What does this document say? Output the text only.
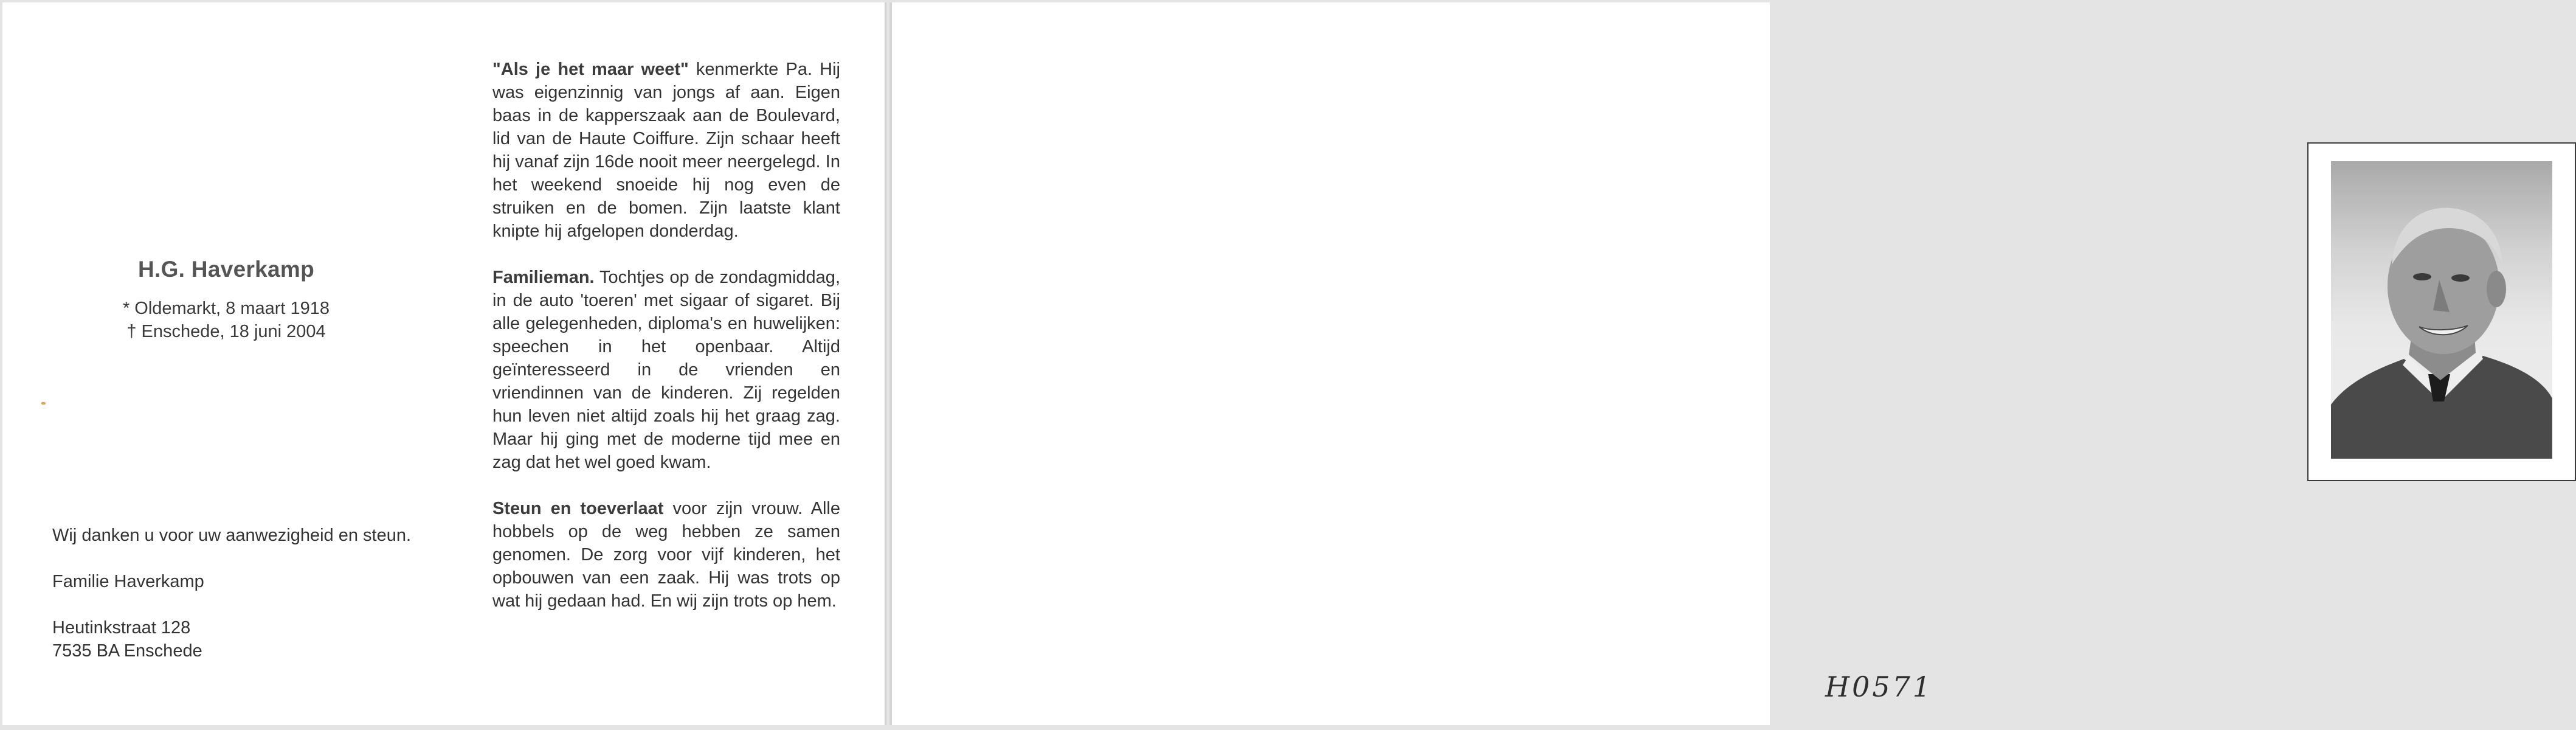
H.G. Haverkamp
* Oldemarkt, 8 maart 1918
† Enschede, 18 juni 2004

Wij danken u voor uw aanwezigheid en steun.

Familie Haverkamp

Heutinkstraat 128
7535 BA Enschede

"Als je het maar weet" kenmerkte Pa. Hij was eigenzinnig van jongs af aan. Eigen baas in de kapperszaak aan de Boulevard, lid van de Haute Coiffure. Zijn schaar heeft hij vanaf zijn 16de nooit meer neergelegd. In het weekend snoeide hij nog even de struiken en de bomen. Zijn laatste klant knipte hij afgelopen donderdag.

Familieman. Tochtjes op de zondagmiddag, in de auto 'toeren' met sigaar of sigaret. Bij alle gelegenheden, diploma's en huwelijken: speechen in het openbaar. Altijd geïnteresseerd in de vrienden en vriendinnen van de kinderen. Zij regelden hun leven niet altijd zoals hij het graag zag. Maar hij ging met de moderne tijd mee en zag dat het wel goed kwam.

Steun en toeverlaat voor zijn vrouw. Alle hobbels op de weg hebben ze samen genomen. De zorg voor vijf kinderen, het opbouwen van een zaak. Hij was trots op wat hij gedaan had. En wij zijn trots op hem.

H0571
